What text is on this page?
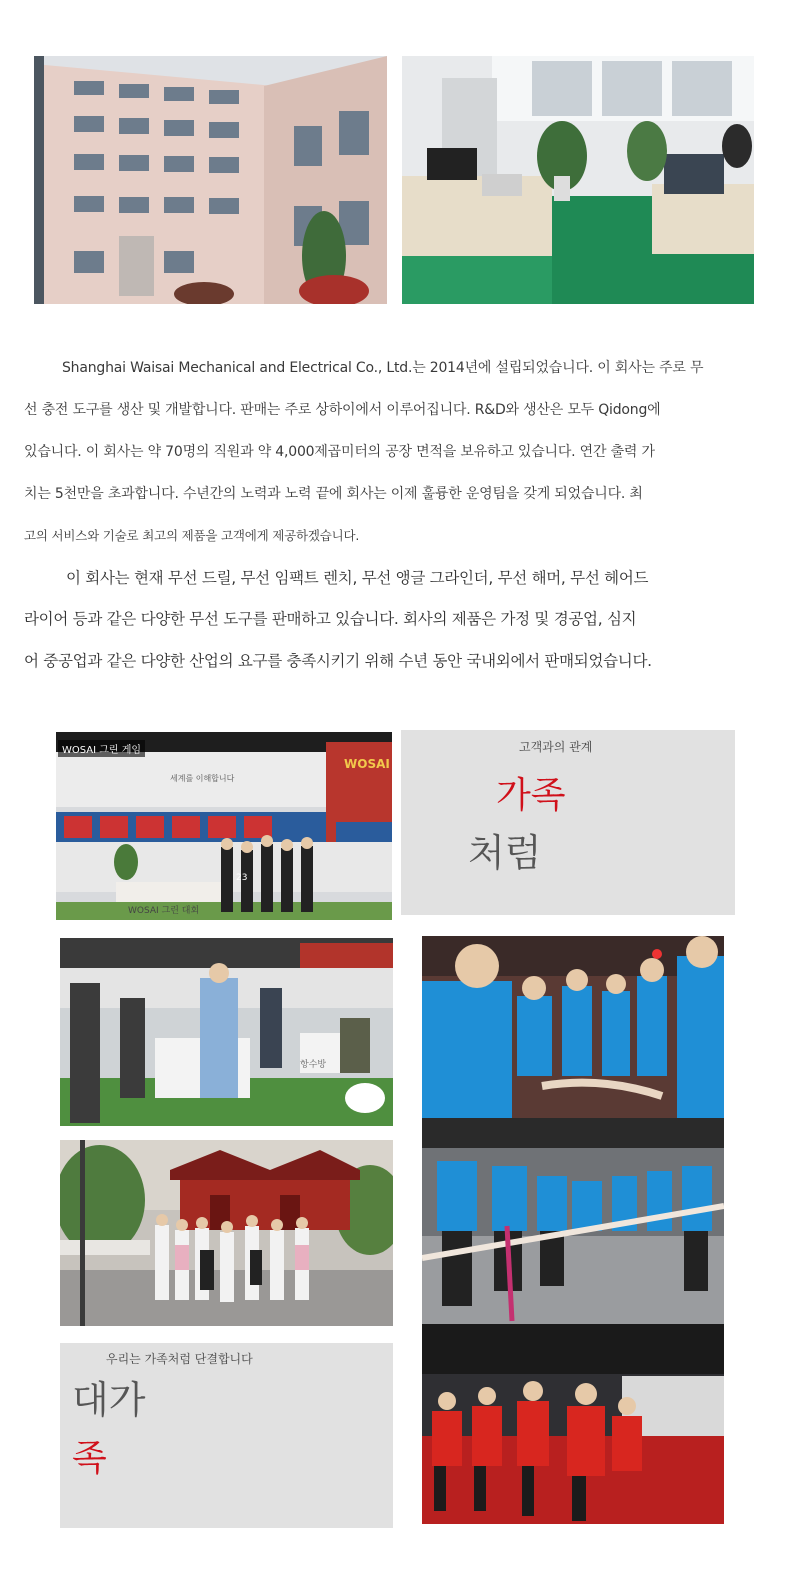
Shanghai Waisai Mechanical and Electrical Co., Ltd.는 2014년에 설립되었습니다. 이 회사는 주로 무
선 충전 도구를 생산 및 개발합니다. 판매는 주로 상하이에서 이루어집니다. R&D와 생산은 모두 Qidong에
있습니다. 이 회사는 약 70명의 직원과 약 4,000제곱미터의 공장 면적을 보유하고 있습니다. 연간 출력 가
치는 5천만을 초과합니다. 수년간의 노력과 노력 끝에 회사는 이제 훌륭한 운영팀을 갖게 되었습니다. 최
고의 서비스와 기술로 최고의 제품을 고객에게 제공하겠습니다.
이 회사는 현재 무선 드릴, 무선 임팩트 렌치, 무선 앵글 그라인더, 무선 해머, 무선 헤어드
라이어 등과 같은 다양한 무선 도구를 판매하고 있습니다. 회사의 제품은 가정 및 경공업, 심지
어 중공업과 같은 다양한 산업의 요구를 충족시키기 위해 수년 동안 국내외에서 판매되었습니다.
WOSAI 그린 게임
세계를 이해합니다
WOSAI
23
WOSAI 그린 대회
고객과의 관계
가족
처럼
항수방
우리는 가족처럼 단결합니다
대가
족
